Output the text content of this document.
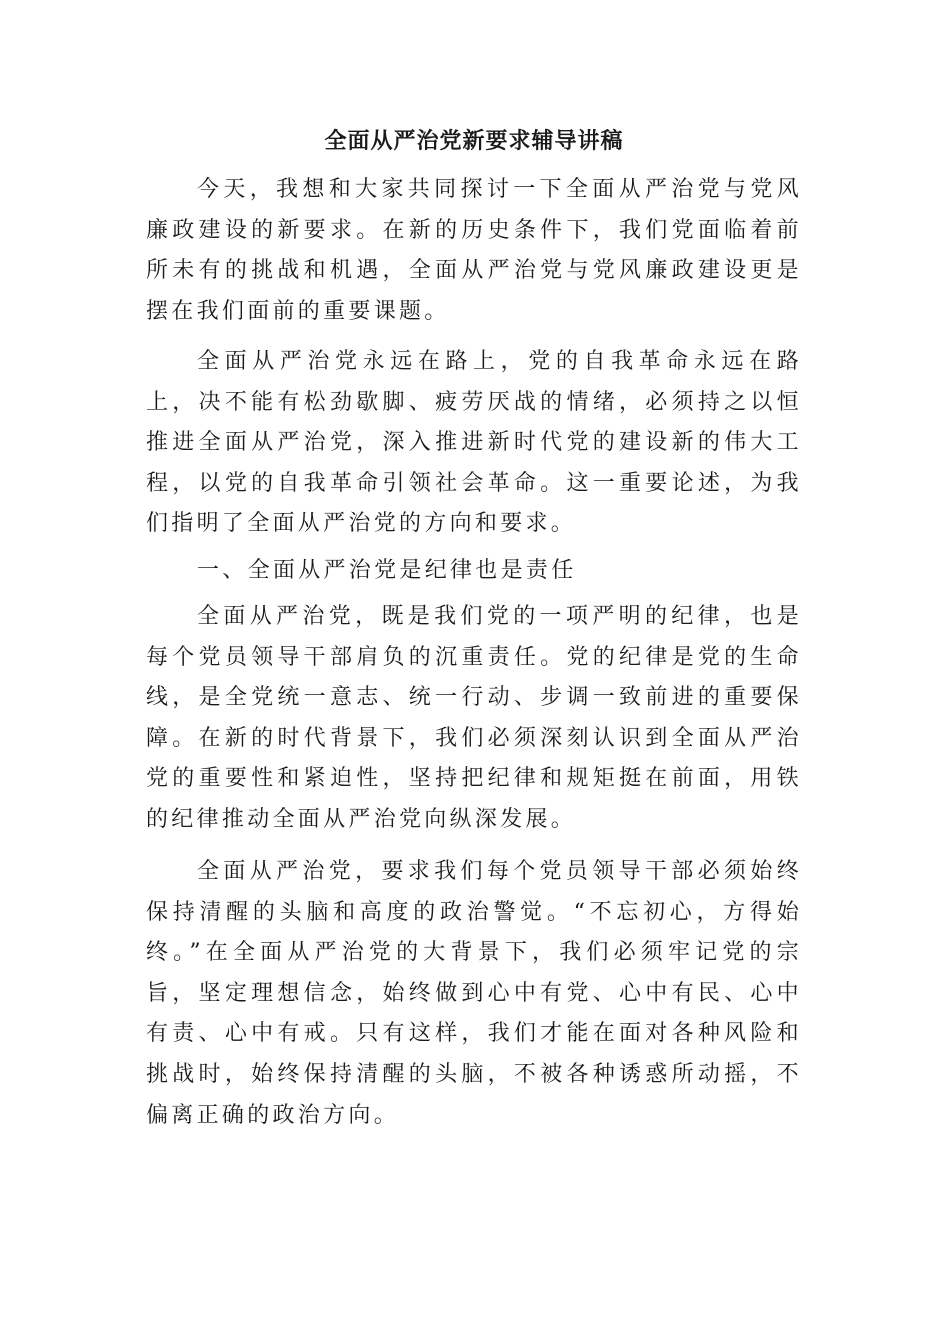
全面从严治党新要求辅导讲稿

今天，我想和大家共同探讨一下全面从严治党与党风廉政建设的新要求。在新的历史条件下，我们党面临着前所未有的挑战和机遇，全面从严治党与党风廉政建设更是摆在我们面前的重要课题。

全面从严治党永远在路上，党的自我革命永远在路上，决不能有松劲歇脚、疲劳厌战的情绪，必须持之以恒推进全面从严治党，深入推进新时代党的建设新的伟大工程，以党的自我革命引领社会革命。这一重要论述，为我们指明了全面从严治党的方向和要求。

一、全面从严治党是纪律也是责任

全面从严治党，既是我们党的一项严明的纪律，也是每个党员领导干部肩负的沉重责任。党的纪律是党的生命线，是全党统一意志、统一行动、步调一致前进的重要保障。在新的时代背景下，我们必须深刻认识到全面从严治党的重要性和紧迫性，坚持把纪律和规矩挺在前面，用铁的纪律推动全面从严治党向纵深发展。

全面从严治党，要求我们每个党员领导干部必须始终保持清醒的头脑和高度的政治警觉。“不忘初心，方得始终。”在全面从严治党的大背景下，我们必须牢记党的宗旨，坚定理想信念，始终做到心中有党、心中有民、心中有责、心中有戒。只有这样，我们才能在面对各种风险和挑战时，始终保持清醒的头脑，不被各种诱惑所动摇，不偏离正确的政治方向。
